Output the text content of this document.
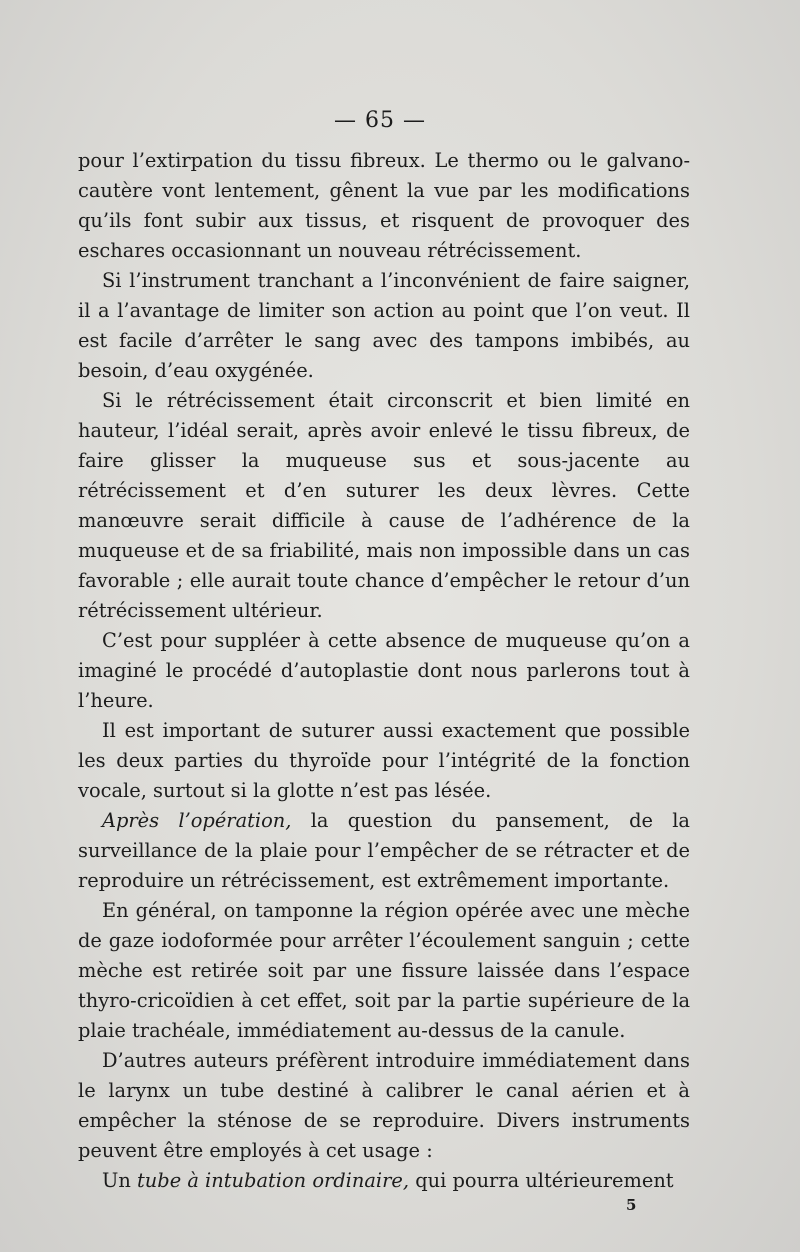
— 65 —

pour l’extirpation du tissu fibreux. Le thermo ou le galvano-cautère vont lentement, gênent la vue par les modifications qu’ils font subir aux tissus, et risquent de provoquer des eschares occasionnant un nouveau rétrécissement.

Si l’instrument tranchant a l’inconvénient de faire saigner, il a l’avantage de limiter son action au point que l’on veut. Il est facile d’arrêter le sang avec des tampons imbibés, au besoin, d’eau oxygénée.

Si le rétrécissement était circonscrit et bien limité en hauteur, l’idéal serait, après avoir enlevé le tissu fibreux, de faire glisser la muqueuse sus et sous-jacente au rétrécissement et d’en suturer les deux lèvres. Cette manœuvre serait difficile à cause de l’adhérence de la muqueuse et de sa friabilité, mais non impossible dans un cas favorable ; elle aurait toute chance d’empêcher le retour d’un rétrécissement ultérieur.

C’est pour suppléer à cette absence de muqueuse qu’on a imaginé le procédé d’autoplastie dont nous parlerons tout à l’heure.

Il est important de suturer aussi exactement que possible les deux parties du thyroïde pour l’intégrité de la fonction vocale, surtout si la glotte n’est pas lésée.

Après l’opération, la question du pansement, de la surveillance de la plaie pour l’empêcher de se rétracter et de reproduire un rétrécissement, est extrêmement importante.

En général, on tamponne la région opérée avec une mèche de gaze iodoformée pour arrêter l’écoulement sanguin ; cette mèche est retirée soit par une fissure laissée dans l’espace thyro-cricoïdien à cet effet, soit par la partie supérieure de la plaie trachéale, immédiatement au-dessus de la canule.

D’autres auteurs préfèrent introduire immédiatement dans le larynx un tube destiné à calibrer le canal aérien et à empêcher la sténose de se reproduire. Divers instruments peuvent être employés à cet usage :

Un tube à intubation ordinaire, qui pourra ultérieurement

5
